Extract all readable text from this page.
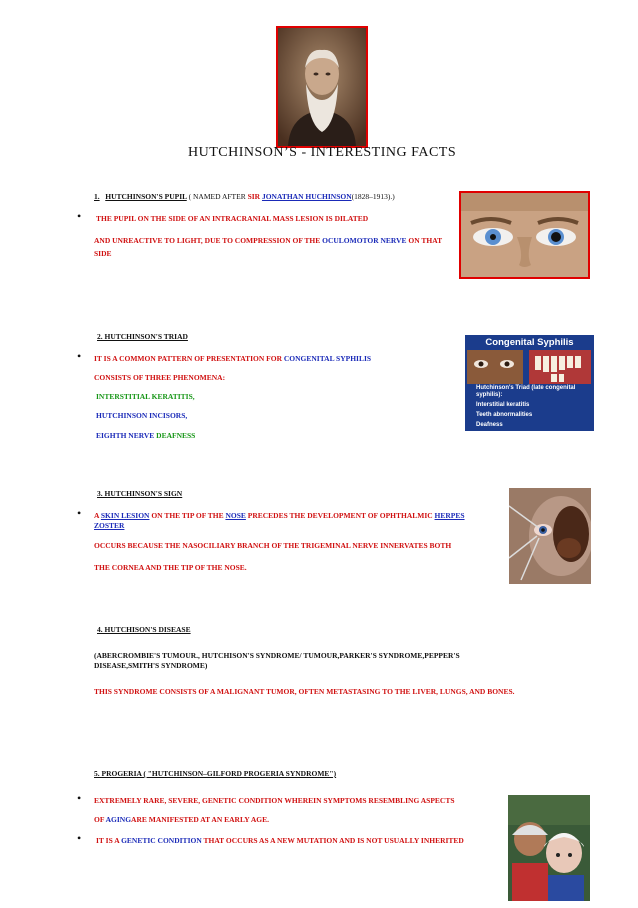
HUTCHINSON’S - INTERESTING FACTS
1. HUTCHINSON'S PUPIL ( NAMED AFTER SIR JONATHAN HUCHINSON(1828–1913).)
• THE PUPIL ON THE SIDE OF AN INTRACRANIAL MASS LESION IS DILATED
AND UNREACTIVE TO LIGHT, DUE TO COMPRESSION OF THE OCULOMOTOR NERVE ON THAT
SIDE
2. HUTCHINSON'S TRIAD
• IT IS A COMMON PATTERN OF PRESENTATION FOR CONGENITAL SYPHILIS
CONSISTS OF THREE PHENOMENA:
INTERSTITIAL KERATITIS,
HUTCHINSON INCISORS,
EIGHTH NERVE DEAFNESS
Congenital Syphilis
Hutchinson's Triad (late congenital
syphilis):
Interstitial keratitis
Teeth abnormalities
Deafness
3. HUTCHINSON'S SIGN
• A SKIN LESION ON THE TIP OF THE NOSE PRECEDES THE DEVELOPMENT OF OPHTHALMIC HERPES
ZOSTER
OCCURS BECAUSE THE NASOCILIARY BRANCH OF THE TRIGEMINAL NERVE INNERVATES BOTH
THE CORNEA AND THE TIP OF THE NOSE.
4. HUTCHISON'S DISEASE
(ABERCROMBIE'S TUMOUR., HUTCHISON'S SYNDROME/ TUMOUR,PARKER'S SYNDROME,PEPPER'S
DISEASE,SMITH'S SYNDROME)
THIS SYNDROME CONSISTS OF A MALIGNANT TUMOR, OFTEN METASTASING TO THE LIVER, LUNGS, AND BONES.
5. PROGERIA ( "HUTCHINSON–GILFORD PROGERIA SYNDROME")
• EXTREMELY RARE, SEVERE, GENETIC CONDITION WHEREIN SYMPTOMS RESEMBLING ASPECTS
OF AGINGARE MANIFESTED AT AN EARLY AGE.
• IT IS A GENETIC CONDITION THAT OCCURS AS A NEW MUTATION AND IS NOT USUALLY INHERITED
